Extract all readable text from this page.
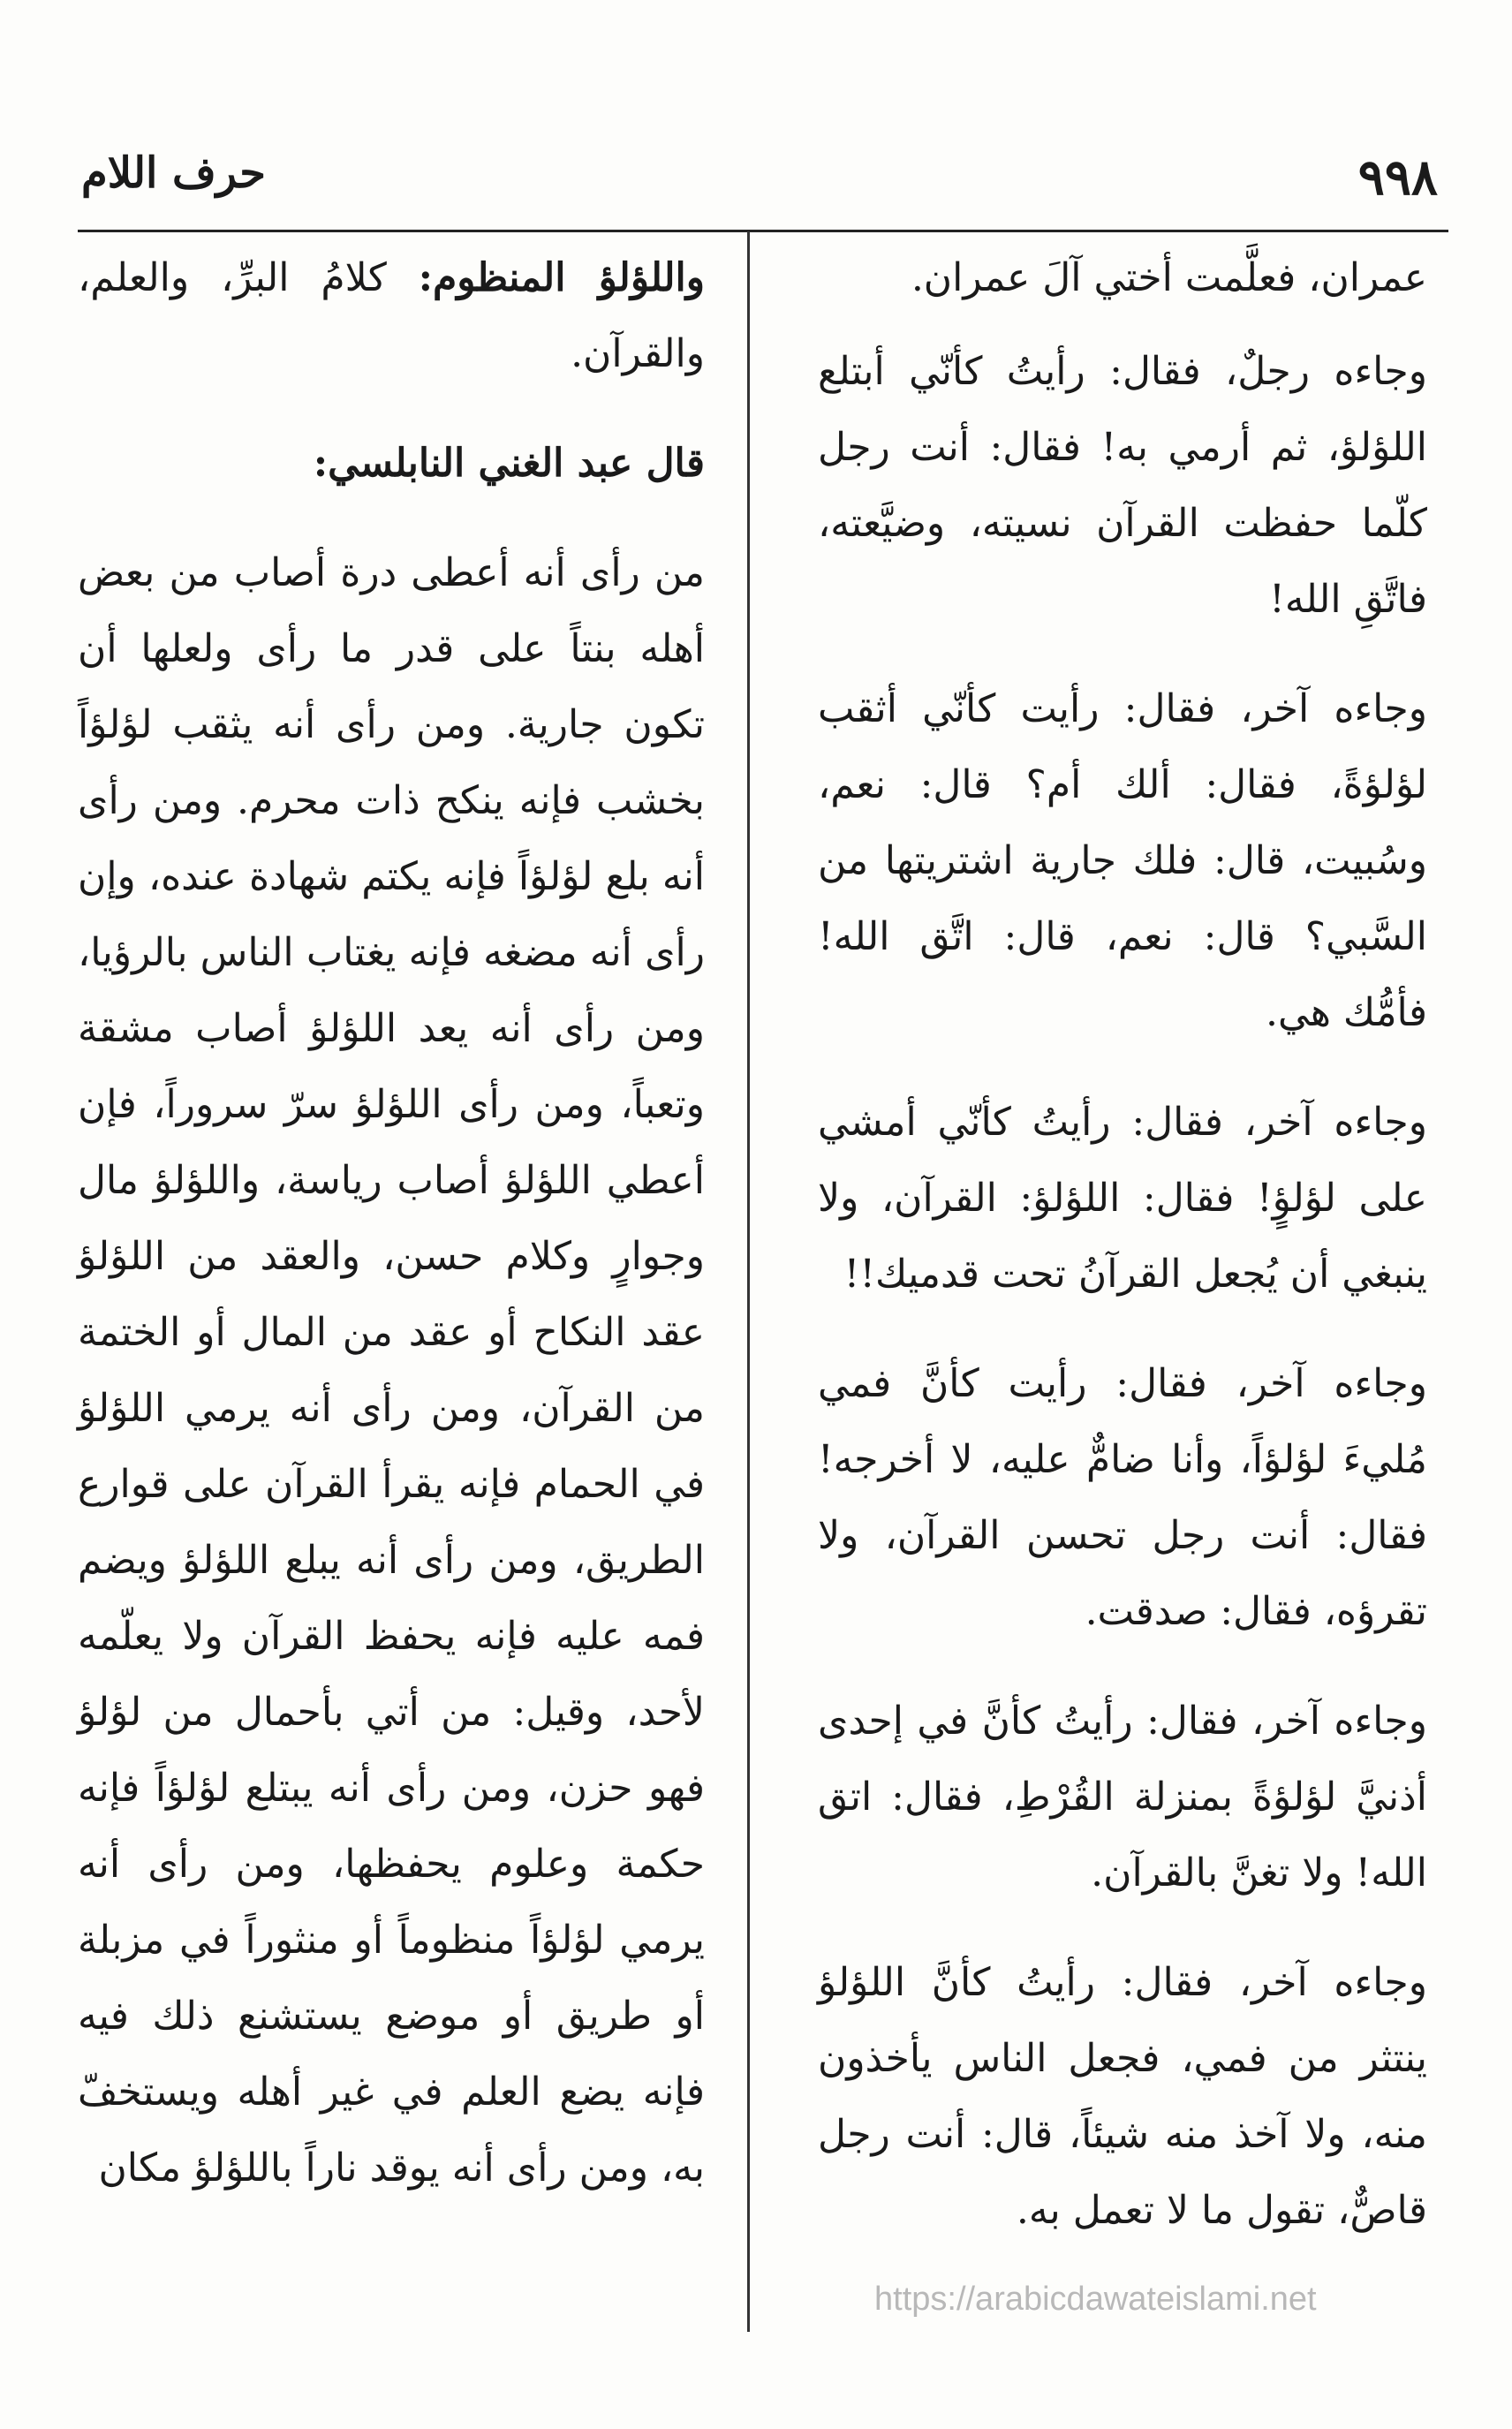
٩٩٨
حرف اللام

عمران، فعلَّمت أختي آلَ عمران.

وجاءه رجلٌ، فقال: رأيتُ كأنّي أبتلع اللؤلؤ، ثم أرمي به! فقال: أنت رجل كلّما حفظت القرآن نسيته، وضيَّعته، فاتَّقِ الله!

وجاءه آخر، فقال: رأيت كأنّي أثقب لؤلؤةً، فقال: ألك أم؟ قال: نعم، وسُبيت، قال: فلك جارية اشتريتها من السَّبي؟ قال: نعم، قال: اتَّق الله! فأمُّك هي.

وجاءه آخر، فقال: رأيتُ كأنّي أمشي على لؤلؤٍ! فقال: اللؤلؤ: القرآن، ولا ينبغي أن يُجعل القرآنُ تحت قدميك!!

وجاءه آخر، فقال: رأيت كأنَّ فمي مُليءَ لؤلؤاً، وأنا ضامٌّ عليه، لا أخرجه! فقال: أنت رجل تحسن القرآن، ولا تقرؤه، فقال: صدقت.

وجاءه آخر، فقال: رأيتُ كأنَّ في إحدى أذنيَّ لؤلؤةً بمنزلة القُرْطِ، فقال: اتق الله! ولا تغنَّ بالقرآن.

وجاءه آخر، فقال: رأيتُ كأنَّ اللؤلؤ ينتثر من فمي، فجعل الناس يأخذون منه، ولا آخذ منه شيئاً، قال: أنت رجل قاصٌّ، تقول ما لا تعمل به.

واللؤلؤ المنظوم: كلامُ البرِّ، والعلم، والقرآن.

قال عبد الغني النابلسي:

من رأى أنه أعطى درة أصاب من بعض أهله بنتاً على قدر ما رأى ولعلها أن تكون جارية. ومن رأى أنه يثقب لؤلؤاً بخشب فإنه ينكح ذات محرم. ومن رأى أنه بلع لؤلؤاً فإنه يكتم شهادة عنده، وإن رأى أنه مضغه فإنه يغتاب الناس بالرؤيا، ومن رأى أنه يعد اللؤلؤ أصاب مشقة وتعباً، ومن رأى اللؤلؤ سرّ سروراً، فإن أعطي اللؤلؤ أصاب رياسة، واللؤلؤ مال وجوارٍ وكلام حسن، والعقد من اللؤلؤ عقد النكاح أو عقد من المال أو الختمة من القرآن، ومن رأى أنه يرمي اللؤلؤ في الحمام فإنه يقرأ القرآن على قوارع الطريق، ومن رأى أنه يبلع اللؤلؤ ويضم فمه عليه فإنه يحفظ القرآن ولا يعلّمه لأحد، وقيل: من أتي بأحمال من لؤلؤ فهو حزن، ومن رأى أنه يبتلع لؤلؤاً فإنه حكمة وعلوم يحفظها، ومن رأى أنه يرمي لؤلؤاً منظوماً أو منثوراً في مزبلة أو طريق أو موضع يستشنع ذلك فيه فإنه يضع العلم في غير أهله ويستخفّ به، ومن رأى أنه يوقد ناراً باللؤلؤ مكان

https://arabicdawateislami.net
